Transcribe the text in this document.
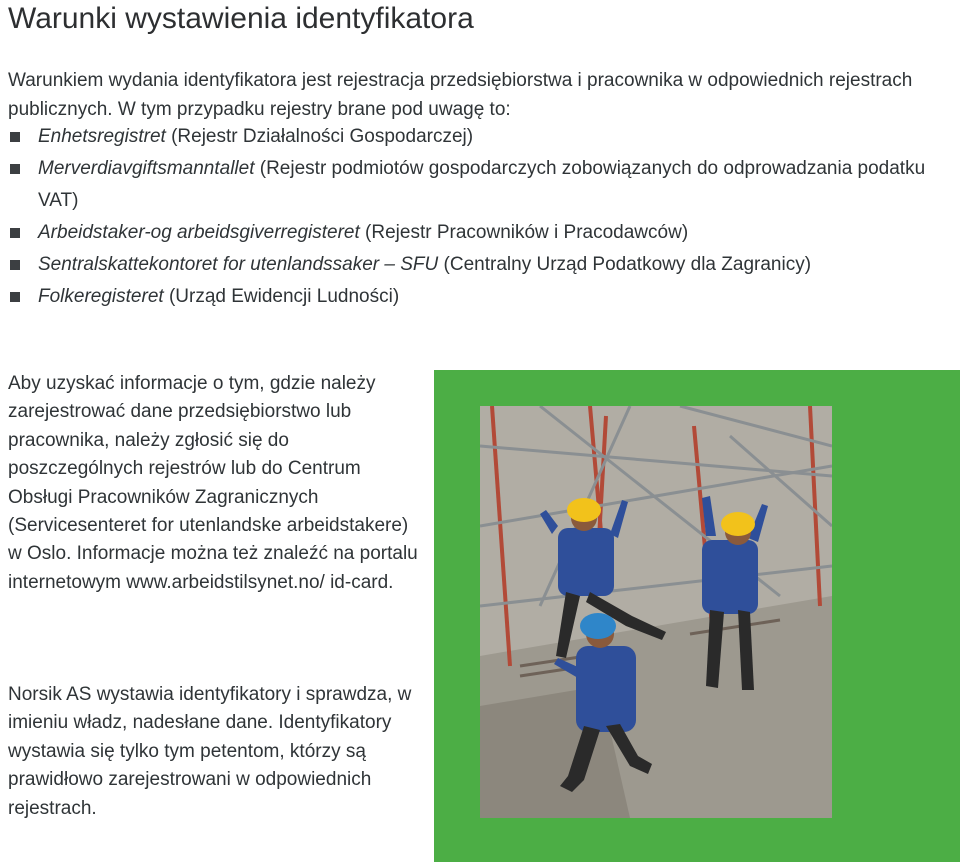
Warunki wystawienia identyfikatora

Warunkiem wydania identyfikatora jest rejestracja przedsiębiorstwa i pracownika w odpowiednich rejestrach publicznych. W tym przypadku rejestry brane pod uwagę to:

Enhetsregistret (Rejestr Działalności Gospodarczej)
Merverdiavgiftsmanntallet (Rejestr podmiotów gospodarczych zobowiązanych do odprowadzania podatku VAT)
Arbeidstaker-og arbeidsgiverregisteret (Rejestr Pracowników i Pracodawców)
Sentralskattekontoret for utenlandssaker – SFU (Centralny Urząd Podatkowy dla Zagranicy)
Folkeregisteret (Urząd Ewidencji Ludności)

Aby uzyskać informacje o tym, gdzie należy zarejestrować dane przedsiębiorstwo lub pracownika, należy zgłosić się do poszczególnych rejestrów lub do Centrum Obsługi Pracowników Zagranicznych (Servicesenteret for utenlandske arbeidstakere) w Oslo. Informacje można też znaleźć na portalu internetowym www.arbeidstilsynet.no/ id-card.

Norsik AS wystawia identyfikatory i sprawdza, w imieniu władz, nadesłane dane. Identyfikatory wystawia się tylko tym petentom, którzy są prawidłowo zarejestrowani w odpowiednich rejestrach.
